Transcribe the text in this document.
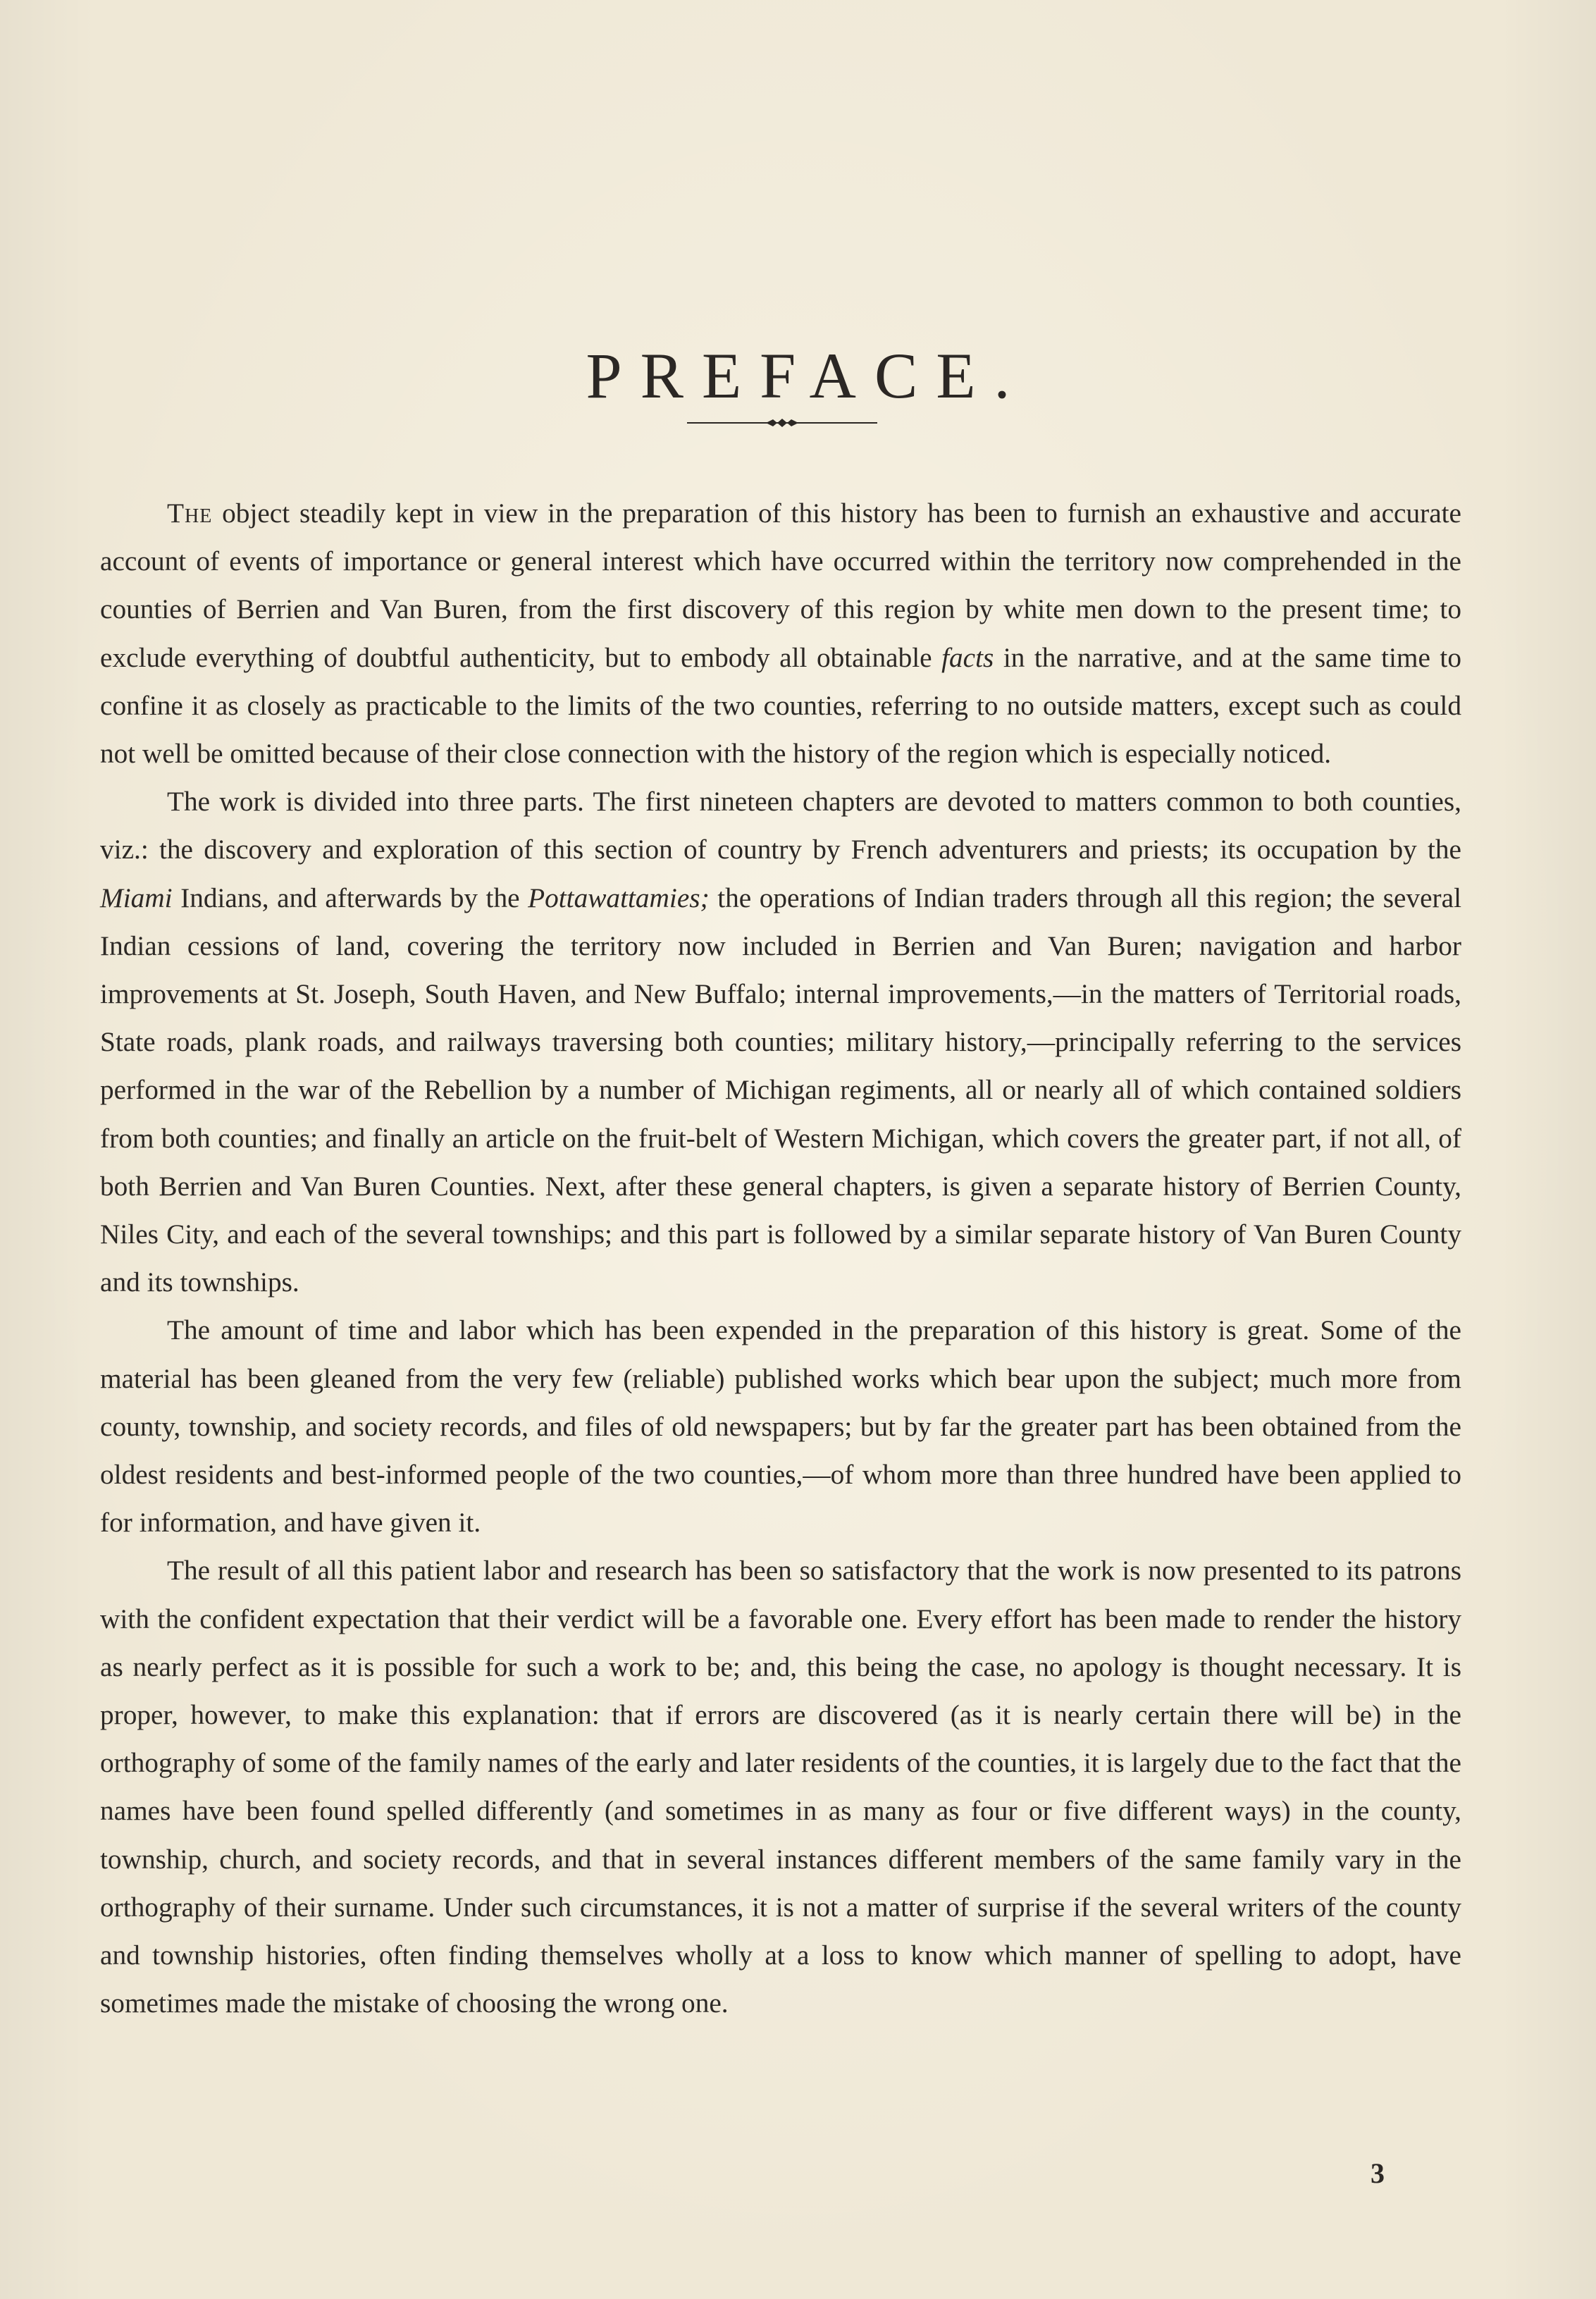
PREFACE.

The object steadily kept in view in the preparation of this history has been to furnish an exhaustive and accurate account of events of importance or general interest which have occurred within the territory now comprehended in the counties of Berrien and Van Buren, from the first discovery of this region by white men down to the present time; to exclude everything of doubtful authenticity, but to embody all obtainable facts in the narrative, and at the same time to confine it as closely as practicable to the limits of the two counties, referring to no outside matters, except such as could not well be omitted because of their close connection with the history of the region which is especially noticed.

The work is divided into three parts. The first nineteen chapters are devoted to matters common to both counties, viz.: the discovery and exploration of this section of country by French adventurers and priests; its occupation by the Miami Indians, and afterwards by the Pottawattamies; the operations of Indian traders through all this region; the several Indian cessions of land, covering the territory now included in Berrien and Van Buren; navigation and harbor improvements at St. Joseph, South Haven, and New Buffalo; internal improvements,—in the matters of Territorial roads, State roads, plank roads, and railways traversing both counties; military history,—principally referring to the services performed in the war of the Rebellion by a number of Michigan regiments, all or nearly all of which contained soldiers from both counties; and finally an article on the fruit-belt of Western Michigan, which covers the greater part, if not all, of both Berrien and Van Buren Counties. Next, after these general chapters, is given a separate history of Berrien County, Niles City, and each of the several townships; and this part is followed by a similar separate history of Van Buren County and its townships.

The amount of time and labor which has been expended in the preparation of this history is great. Some of the material has been gleaned from the very few (reliable) published works which bear upon the subject; much more from county, township, and society records, and files of old newspapers; but by far the greater part has been obtained from the oldest residents and best-informed people of the two counties,—of whom more than three hundred have been applied to for information, and have given it.

The result of all this patient labor and research has been so satisfactory that the work is now presented to its patrons with the confident expectation that their verdict will be a favorable one. Every effort has been made to render the history as nearly perfect as it is possible for such a work to be; and, this being the case, no apology is thought necessary. It is proper, however, to make this explanation: that if errors are discovered (as it is nearly certain there will be) in the orthography of some of the family names of the early and later residents of the counties, it is largely due to the fact that the names have been found spelled differently (and sometimes in as many as four or five different ways) in the county, township, church, and society records, and that in several instances different members of the same family vary in the orthography of their surname. Under such circumstances, it is not a matter of surprise if the several writers of the county and township histories, often finding themselves wholly at a loss to know which manner of spelling to adopt, have sometimes made the mistake of choosing the wrong one.

3
